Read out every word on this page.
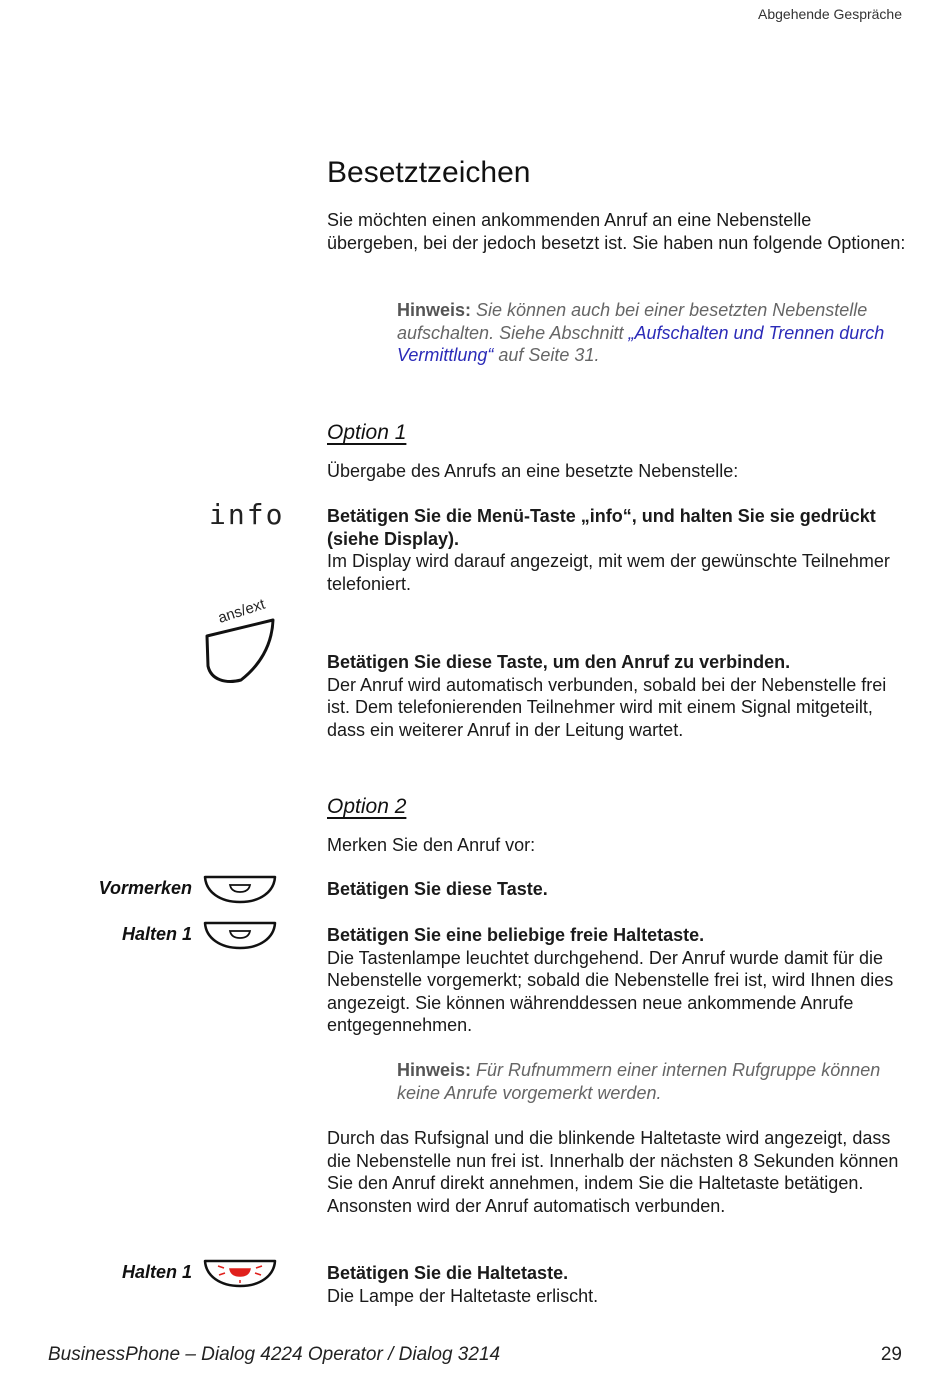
Abgehende Gespräche
Besetztzeichen
Sie möchten einen ankommenden Anruf an eine Nebenstelle übergeben, bei der jedoch besetzt ist. Sie haben nun folgende Optionen:
Hinweis: Sie können auch bei einer besetzten Nebenstelle aufschalten. Siehe Abschnitt „Aufschalten und Trennen durch Vermittlung“ auf Seite 31.
Option 1
Übergabe des Anrufs an eine besetzte Nebenstelle:
info Betätigen Sie die Menü-Taste „info“, und halten Sie sie gedrückt (siehe Display).
Im Display wird darauf angezeigt, mit wem der gewünschte Teilnehmer telefoniert.
ans/ext
Betätigen Sie diese Taste, um den Anruf zu verbinden.
Der Anruf wird automatisch verbunden, sobald bei der Nebenstelle frei ist. Dem telefonierenden Teilnehmer wird mit einem Signal mitgeteilt, dass ein weiterer Anruf in der Leitung wartet.
Option 2
Merken Sie den Anruf vor:
Vormerken	Betätigen Sie diese Taste.
Halten 1	Betätigen Sie eine beliebige freie Haltetaste.
Die Tastenlampe leuchtet durchgehend. Der Anruf wurde damit für die Nebenstelle vorgemerkt; sobald die Nebenstelle frei ist, wird Ihnen dies angezeigt. Sie können währenddessen neue ankommende Anrufe entgegennehmen.
Hinweis: Für Rufnummern einer internen Rufgruppe können keine Anrufe vorgemerkt werden.
Durch das Rufsignal und die blinkende Haltetaste wird angezeigt, dass die Nebenstelle nun frei ist. Innerhalb der nächsten 8 Sekunden können Sie den Anruf direkt annehmen, indem Sie die Haltetaste betätigen. Ansonsten wird der Anruf automatisch verbunden.
Halten 1	Betätigen Sie die Haltetaste.
Die Lampe der Haltetaste erlischt.
BusinessPhone – Dialog 4224 Operator / Dialog 3214	29
